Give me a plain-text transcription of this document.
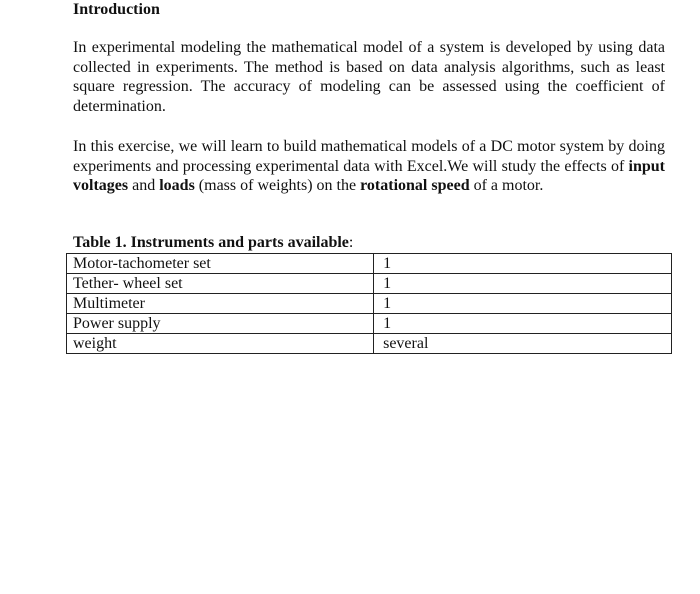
Introduction

In experimental modeling the mathematical model of a system is developed by using data collected in experiments. The method is based on data analysis algorithms, such as least square regression. The accuracy of modeling can be assessed using the coefficient of determination.

In this exercise, we will learn to build mathematical models of a DC motor system by doing experiments and processing experimental data with Excel.We will study the effects of input voltages and loads (mass of weights) on the rotational speed of a motor.

Table 1. Instruments and parts available:
Motor-tachometer set	1
Tether- wheel set	1
Multimeter	1
Power supply	1
weight	several
